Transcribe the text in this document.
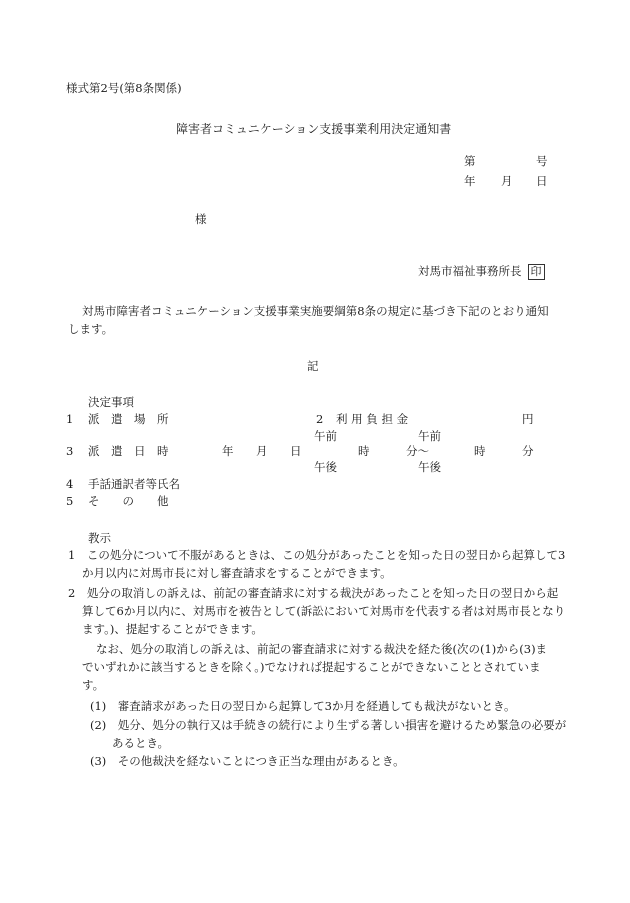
様式第2号(第8条関係)
障害者コミュニケーション支援事業利用決定通知書
第	号
年 月 日
様
対馬市福祉事務所長 印
対馬市障害者コミュニケーション支援事業実施要綱第8条の規定に基づき下記のとおり通知します。
記
決定事項
1 派　遣　場　所	2 利 用 負 担 金	円
午前	午前
3 派　遣　日　時	年 月 日	時	分～	時	分
午後	午後
4 手話通訳者等氏名
5 そ　　の　　他
教示
1　この処分について不服があるときは、この処分があったことを知った日の翌日から起算して3か月以内に対馬市長に対し審査請求をすることができます。
2　処分の取消しの訴えは、前記の審査請求に対する裁決があったことを知った日の翌日から起算して6か月以内に、対馬市を被告として(訴訟において対馬市を代表する者は対馬市長となります。)、提起することができます。
なお、処分の取消しの訴えは、前記の審査請求に対する裁決を経た後(次の(1)から(3)までいずれかに該当するときを除く。)でなければ提起することができないこととされています。
(1)　審査請求があった日の翌日から起算して3か月を経過しても裁決がないとき。
(2)　処分、処分の執行又は手続きの続行により生ずる著しい損害を避けるため緊急の必要があるとき。
(3)　その他裁決を経ないことにつき正当な理由があるとき。
